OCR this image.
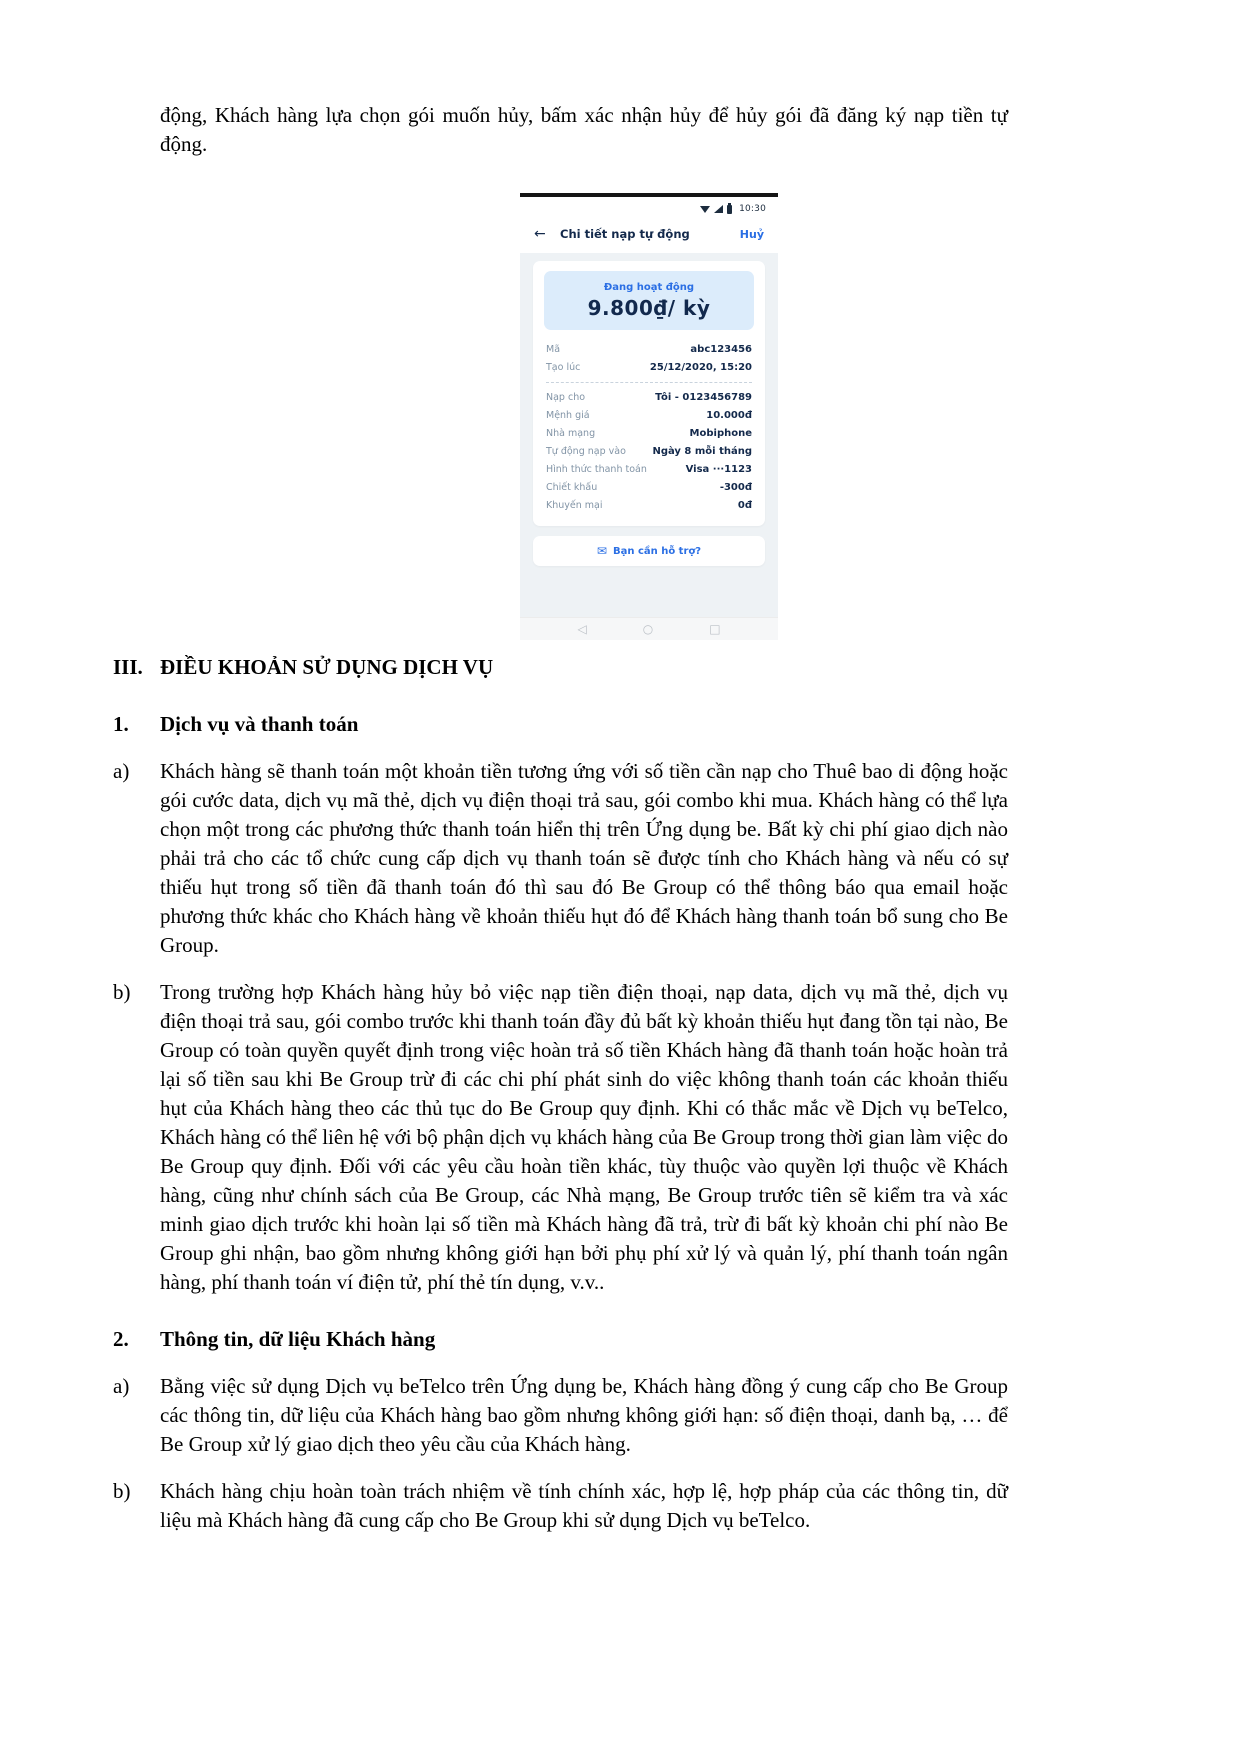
động, Khách hàng lựa chọn gói muốn hủy, bấm xác nhận hủy để hủy gói đã đăng ký nạp tiền tự động.
10:30
←	Chi tiết nạp tự động	Huỷ
Đang hoạt động
9.800₫/ kỳ
Mã	abc123456
Tạo lúc	25/12/2020, 15:20
Nạp cho	Tôi - 0123456789
Mệnh giá	10.000đ
Nhà mạng	Mobiphone
Tự động nạp vào	Ngày 8 mỗi tháng
Hình thức thanh toán	Visa ···1123
Chiết khấu	-300đ
Khuyến mại	0đ
✉ Bạn cần hỗ trợ?
◁	○	□
III. ĐIỀU KHOẢN SỬ DỤNG DỊCH VỤ
1.	Dịch vụ và thanh toán
a)	Khách hàng sẽ thanh toán một khoản tiền tương ứng với số tiền cần nạp cho Thuê bao di động hoặc gói cước data, dịch vụ mã thẻ, dịch vụ điện thoại trả sau, gói combo khi mua. Khách hàng có thể lựa chọn một trong các phương thức thanh toán hiển thị trên Ứng dụng be. Bất kỳ chi phí giao dịch nào phải trả cho các tổ chức cung cấp dịch vụ thanh toán sẽ được tính cho Khách hàng và nếu có sự thiếu hụt trong số tiền đã thanh toán đó thì sau đó Be Group có thể thông báo qua email hoặc phương thức khác cho Khách hàng về khoản thiếu hụt đó để Khách hàng thanh toán bổ sung cho Be Group.
b)	Trong trường hợp Khách hàng hủy bỏ việc nạp tiền điện thoại, nạp data, dịch vụ mã thẻ, dịch vụ điện thoại trả sau, gói combo trước khi thanh toán đầy đủ bất kỳ khoản thiếu hụt đang tồn tại nào, Be Group có toàn quyền quyết định trong việc hoàn trả số tiền Khách hàng đã thanh toán hoặc hoàn trả lại số tiền sau khi Be Group trừ đi các chi phí phát sinh do việc không thanh toán các khoản thiếu hụt của Khách hàng theo các thủ tục do Be Group quy định. Khi có thắc mắc về Dịch vụ beTelco, Khách hàng có thể liên hệ với bộ phận dịch vụ khách hàng của Be Group trong thời gian làm việc do Be Group quy định. Đối với các yêu cầu hoàn tiền khác, tùy thuộc vào quyền lợi thuộc về Khách hàng, cũng như chính sách của Be Group, các Nhà mạng, Be Group trước tiên sẽ kiểm tra và xác minh giao dịch trước khi hoàn lại số tiền mà Khách hàng đã trả, trừ đi bất kỳ khoản chi phí nào Be Group ghi nhận, bao gồm nhưng không giới hạn bởi phụ phí xử lý và quản lý, phí thanh toán ngân hàng, phí thanh toán ví điện tử, phí thẻ tín dụng, v.v..
2.	Thông tin, dữ liệu Khách hàng
a)	Bằng việc sử dụng Dịch vụ beTelco trên Ứng dụng be, Khách hàng đồng ý cung cấp cho Be Group các thông tin, dữ liệu của Khách hàng bao gồm nhưng không giới hạn: số điện thoại, danh bạ, … để Be Group xử lý giao dịch theo yêu cầu của Khách hàng.
b)	Khách hàng chịu hoàn toàn trách nhiệm về tính chính xác, hợp lệ, hợp pháp của các thông tin, dữ liệu mà Khách hàng đã cung cấp cho Be Group khi sử dụng Dịch vụ beTelco.
